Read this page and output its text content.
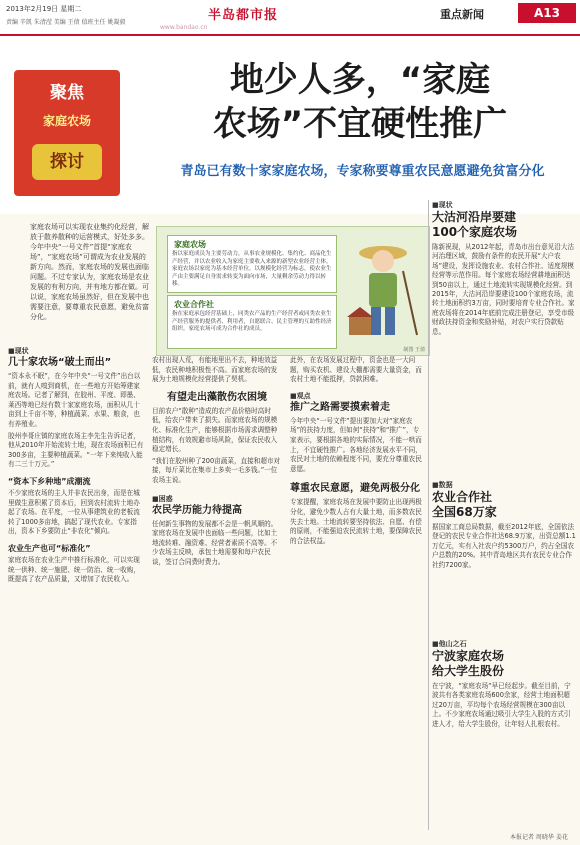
2013年2月19日 星期二
责编 辛凯 朱清滢 美编 王倩 值班主任 姚凝毅	半岛都市报
www.bandao.cn
重点新闻	A13
聚焦
家庭农场
探讨
地少人多，“家庭
农场”不宜硬性推广
青岛已有数十家家庭农场，专家称要尊重农民意愿避免贫富分化
家庭农场可以实现农业集约化经营，解放于散养散种的运营模式，好处多多。今年中央“一号文件”首提“家庭农场”，“家庭农场”可谓成为农业发展的新方向。然而，家庭农场的发展也面临问题。不过专家认为，家庭农场是农业发展的有利方向，并有地方都在做。可以说，家庭农场虽然好，但在发展中也需要注意，要尊重农民意愿，避免贫富分化。
家庭农场
指以家庭成员为主要劳动力，从事农业规模化、集约化、商品化生产经营，并以农业收入为家庭主要收入来源的新型农业经营主体。家庭农场以家庭为基本经营单位，以规模化经营为标志，使农业生产由主要满足自身需求转变为面向市场，大量剩余劳动力得以转移。
农业合作社
指在家庭承包经营基础上，同类农产品的生产经营者或同类农业生产经营服务的提供者、利用者，自愿联合、民主管理的互助性经济组织。家庭农场可成为合作社的成员。
制图 王倩
■现状
大沽河沿岸要建
100个家庭农场
陈新祝现，从2012年起，青岛市出台意见沿大沽河治理区域，鼓励有条件的农民开展“大户农场”建设，发挥设施农业、农村合作社、适度规模经营等示范作用。每个家庭农场经营耕地面积达到50亩以上，通过土地流转实现规模化经营。到2015年，大沽河沿岸要建设100个家庭农场，流转土地面积约3万亩，同时要培育专业合作社。家庭农场将在2014年底前完成注册登记，享受市级财政扶持资金和奖励补贴，对农户实行贷款贴息。
■数据
农业合作社
全国68万家
据国家工商总局数据，截至2012年底，全国依法登记的农民专业合作社达68.9万家，出资总额1.1万亿元，实有入社农户约5300万户，约占全国农户总数的20%。其中青岛地区共有农民专业合作社约7200家。
■他山之石
宁波家庭农场
给大学生股份
在宁波，“家庭农场”早已经起步。截至目前，宁波共有各类家庭农场600余家，经营土地面积超过20万亩，平均每个农场经营规模在300亩以上。不少家庭农场通过吸引大学生入股的方式引进人才，给大学生股份，让年轻人扎根农村。
■现状
几十家农场“破土而出”
“资本永不眠”，在今年中央“一号文件”出台以前，就有人嗅到商机，在一些地方开始筹建家庭农场。记者了解到，在胶州、平度、即墨、莱西等地已经有数十家家庭农场，面积从几十亩到上千亩不等，种植蔬菜、水果、粮食，也有养殖业。
胶州李哥庄镇的家庭农场主李先生告诉记者，他从2010年开始流转土地，现在农场面积已有300多亩，主要种植蔬菜。“一年下来纯收入能有二三十万元。”
“资本下乡种地”成潮流
不少家庭农场的主人并非农民出身，而是在城里做生意积累了资本后，回到农村流转土地办起了农场。在平度，一位从事建筑业的老板流转了1000多亩地，搞起了现代农业。专家指出，资本下乡要防止“非农化”倾向。
农业生产也可“标准化”
家庭农场在农业生产中推行标准化，可以实现统一供种、统一施肥、统一防治、统一收购，既提高了农产品质量，又增加了农民收入。
农村出现人荒，有能地里出不去，种地效益低，农民种地积极性不高。而家庭农场的发展为土地规模化经营提供了契机。
有望走出藻散伤农困境
目前农户“散种”造成的农产品价格时高时低，给农户带来了损失。而家庭农场的规模化、标准化生产，能够根据市场需求调整种植结构，有效规避市场风险，保证农民收入稳定增长。
“我们在胶州种了200亩蔬菜，直接和超市对接，每斤菜比在集市上多卖一毛多钱。”一位农场主说。
■困惑
农民学历能力待提高
任何新生事物的发展都不会是一帆风顺的。家庭农场在发展中也面临一些问题，比如土地流转难、融资难、经营者素质不高等。不少农场主反映，承包土地需要和每户农民谈，签订合同费时费力。
此外，在农场发展过程中，资金也是一大问题，购买农机、建设大棚都需要大量资金，而农村土地不能抵押，贷款困难。
■观点
推广之路需要摸索着走
今年中央“一号文件”提出要加大对“家庭农场”的扶持力度，但如何“扶持”和“推广”，专家表示，要根据各地的实际情况，不能一哄而上，不宜硬性推广。各地经济发展水平不同，农民对土地的依赖程度不同，要充分尊重农民意愿。
尊重农民意愿，避免两极分化
专家提醒，家庭农场在发展中要防止出现两极分化，避免少数人占有大量土地，而多数农民失去土地。土地流转要坚持依法、自愿、有偿的原则，不能强迫农民流转土地，要保障农民的合法权益。
本报记者 周晓华 姜花
